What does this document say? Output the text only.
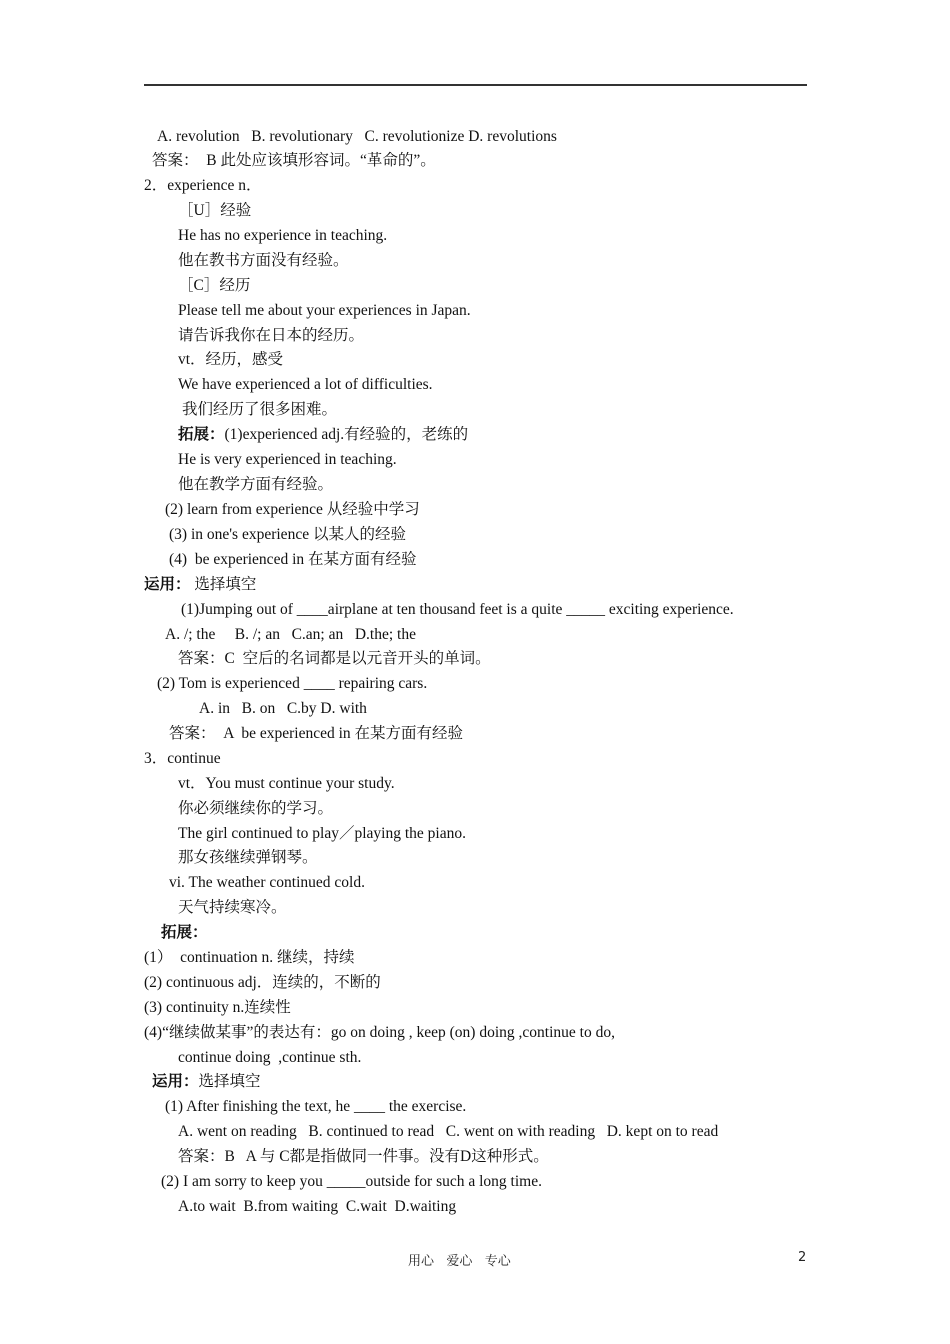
A. revolution   B. revolutionary   C. revolutionize D. revolutions
答案：  B 此处应该填形容词。“革命的”。
2．experience n．
［U］经验
He has no experience in teaching.
他在教书方面没有经验。
［C］经历
Please tell me about your experiences in Japan.
请告诉我你在日本的经历。
vt．经历，感受
We have experienced a lot of difficulties.
我们经历了很多困难。
拓展：(1)experienced adj.有经验的，老练的
He is very experienced in teaching.
他在教学方面有经验。
(2) learn from experience 从经验中学习
(3) in one's experience 以某人的经验
(4)  be experienced in 在某方面有经验
运用： 选择填空
(1)Jumping out of ____airplane at ten thousand feet is a quite _____ exciting experience.
A. /; the     B. /; an   C.an; an   D.the; the
答案：C  空后的名词都是以元音开头的单词。
(2) Tom is experienced ____ repairing cars.
A. in   B. on   C.by D. with
答案：  A  be experienced in 在某方面有经验
3．continue
vt．You must continue your study.
你必须继续你的学习。
The girl continued to play／playing the piano.
那女孩继续弹钢琴。
vi. The weather continued cold.
天气持续寒冷。
拓展：
(1）  continuation n. 继续，持续
(2) continuous adj．连续的，不断的
(3) continuity n.连续性
(4)“继续做某事”的表达有：go on doing , keep (on) doing ,continue to do,
continue doing  ,continue sth.
运用：选择填空
(1) After finishing the text, he ____ the exercise.
A. went on reading   B. continued to read   C. went on with reading   D. kept on to read
答案：B   A 与 C都是指做同一件事。没有D这种形式。
(2) I am sorry to keep you _____outside for such a long time.
A.to wait  B.from waiting  C.wait  D.waiting
用心   爱心   专心	2
